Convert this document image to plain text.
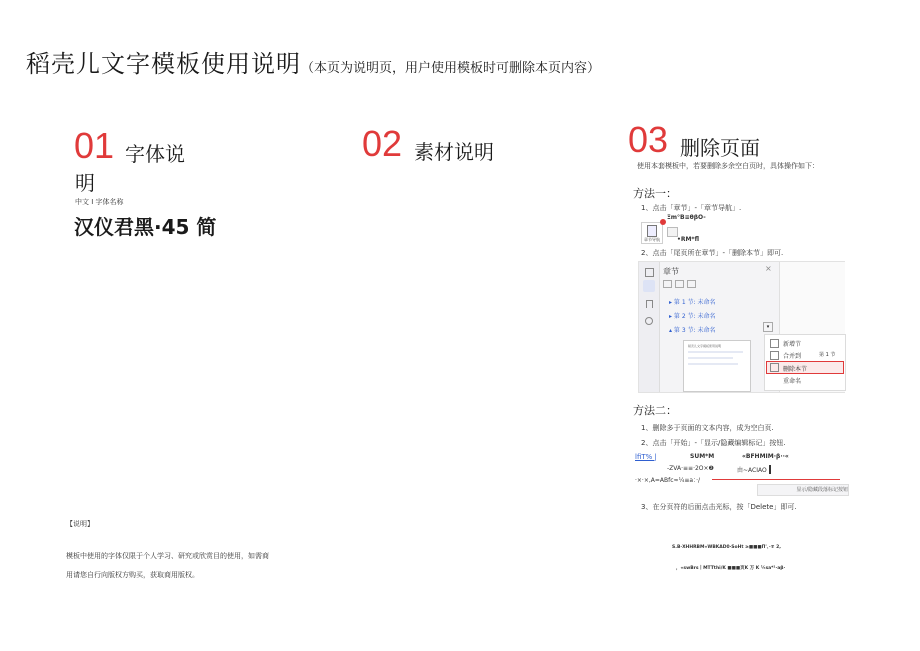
稻壳儿文字模板使用说明（本页为说明页，用户使用模板时可删除本页内容）
01 字体说
明
中文 I 字体名称
汉仪君黑·45 简
02 素材说明	03 删除页面
使用本套模板中，若要删除多余空白页时，具体操作如下：
方法一：
1、点击「章节」-「章节导航」.
Ξm°B≡θβO-
章节导航	•RM*fl
2、点击「尾页所在章节」-「删除本节」即可.
章节	×
▸ 第 1 节: 未命名
▸ 第 2 节: 未命名
▴ 第 3 节: 未命名	▾
稻壳儿文字模板使用说明	新增节
合并到	第 1 节
删除本节
重命名
方法二：
1、删除多于页面的文本内容，成为空白页.
2、点击「开始」-「显示/隐藏编辑标记」按钮.
lfiT% |	SUM*M	«BFHMIM·β··«
-ZVA·≡≡·2O×❷	由~ACIAO
·×·×,A=ABfc≈¼≡a：·/
显示/隐藏段落标记按钮
3、在分页符的后面点击光标，按「Delete」即可.
S.B·XHHRBM«WBKAD0·SoHt ≥■■■Π'、·∓ 2,
，«swBrs丨MTTthi/K ■■■页K 万 K ¼sa*¹·aβ·
【说明】
模板中使用的字体仅限于个人学习、研究或欣赏目的使用，如需商
用请您自行向版权方购买，获取商用版权。
